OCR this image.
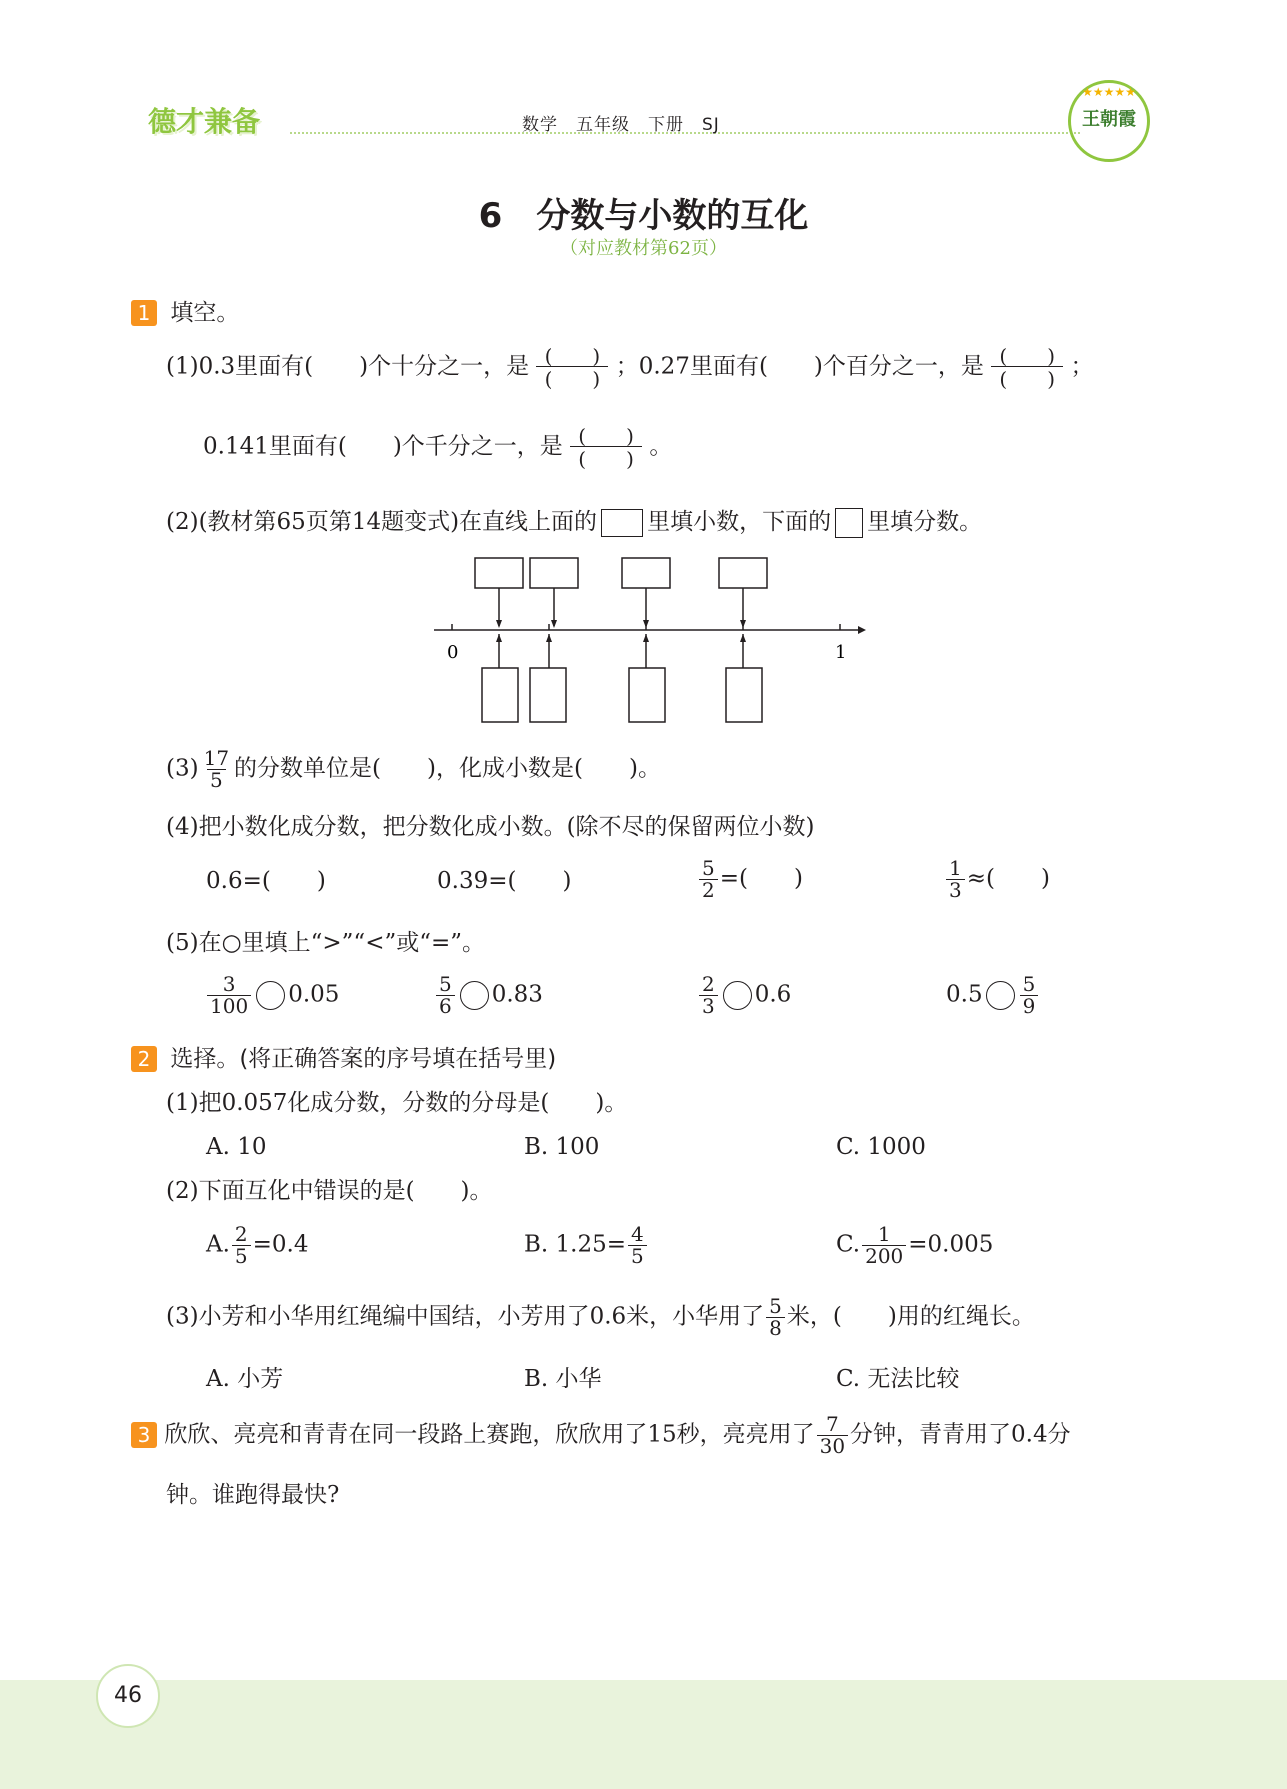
德才兼备	数学　五年级　下册　SJ
★★★★★
王朝霞
6　分数与小数的互化
（对应教材第62页）
1 填空。
(1)0.3里面有(　　)个十分之一，是 (　　)
(　　) ；0.27里面有(　　)个百分之一，是 (　　)
(　　) ；
0.141里面有(　　)个千分之一，是 (　　)
(　　) 。
(2)(教材第65页第14题变式)在直线上面的 里填小数，下面的 里填分数。
0	1
$(3) \frac{17}{5}$ 的分数单位是(　　)，化成小数是(　　)。
(4)把小数化成分数，把分数化成小数。(除不尽的保留两位小数)
0.6=(　　)	0.39=(　　)	$\frac{5}{2}$ =(　　)	$\frac{1}{3}$ ≈(　　)
(5)在○里填上“>”“<”或“=”。
$\frac{3}{100} 0.05$	$\frac{5}{6} 0.83$	$\frac{2}{3} 0.6$	$0.5 \frac{5}{9}$
2 选择。(将正确答案的序号填在括号里)
(1)把0.057化成分数，分数的分母是(　　)。
A. 10	B. 100	C. 1000
(2)下面互化中错误的是(　　)。
A. $\frac{2}{5} =0.4$	B. $1.25= \frac{4}{5}$	C. $\frac{1}{200} =0.005$
(3)小芳和小华用红绳编中国结，小芳用了0.6米，小华用了 $\frac{5}{8}$ 米，(　　)用的红绳长。
A. 小芳	B. 小华	C. 无法比较
3 欣欣、亮亮和青青在同一段路上赛跑，欣欣用了15秒，亮亮用了 $\frac{7}{30}$ 分钟，青青用了0.4分
钟。谁跑得最快?
46
